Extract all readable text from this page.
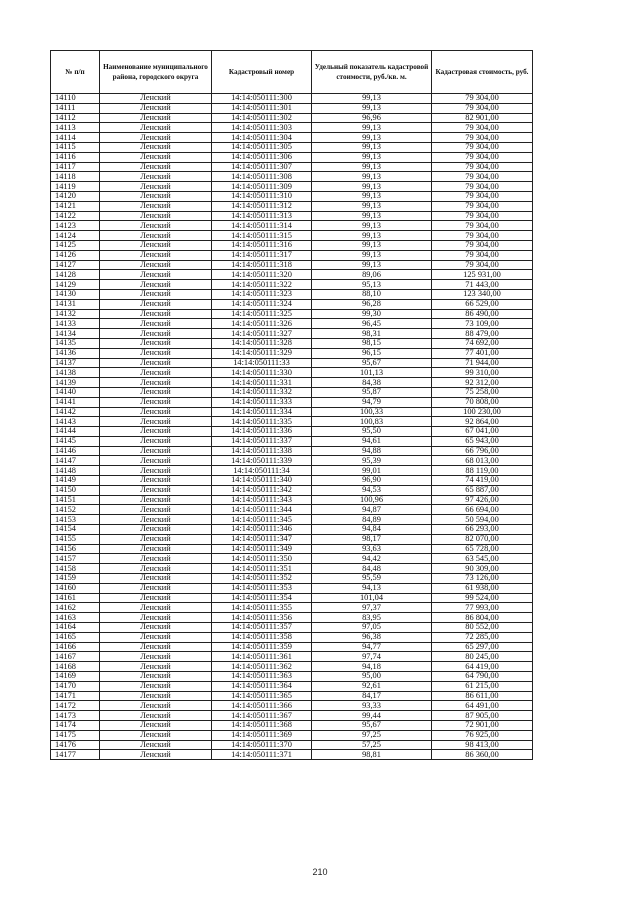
№ п/п	Наименование муниципального района, городского округа	Кадастровый номер	Удельный показатель кадастровой стоимости, руб./кв. м.	Кадастровая стоимость, руб.
14110	Ленский	14:14:050111:300	99,13	79 304,00
14111	Ленский	14:14:050111:301	99,13	79 304,00
14112	Ленский	14:14:050111:302	96,96	82 901,00
14113	Ленский	14:14:050111:303	99,13	79 304,00
14114	Ленский	14:14:050111:304	99,13	79 304,00
14115	Ленский	14:14:050111:305	99,13	79 304,00
14116	Ленский	14:14:050111:306	99,13	79 304,00
14117	Ленский	14:14:050111:307	99,13	79 304,00
14118	Ленский	14:14:050111:308	99,13	79 304,00
14119	Ленский	14:14:050111:309	99,13	79 304,00
14120	Ленский	14:14:050111:310	99,13	79 304,00
14121	Ленский	14:14:050111:312	99,13	79 304,00
14122	Ленский	14:14:050111:313	99,13	79 304,00
14123	Ленский	14:14:050111:314	99,13	79 304,00
14124	Ленский	14:14:050111:315	99,13	79 304,00
14125	Ленский	14:14:050111:316	99,13	79 304,00
14126	Ленский	14:14:050111:317	99,13	79 304,00
14127	Ленский	14:14:050111:318	99,13	79 304,00
14128	Ленский	14:14:050111:320	89,06	125 931,00
14129	Ленский	14:14:050111:322	95,13	71 443,00
14130	Ленский	14:14:050111:323	88,10	123 340,00
14131	Ленский	14:14:050111:324	96,28	66 529,00
14132	Ленский	14:14:050111:325	99,30	86 490,00
14133	Ленский	14:14:050111:326	96,45	73 109,00
14134	Ленский	14:14:050111:327	98,31	88 479,00
14135	Ленский	14:14:050111:328	98,15	74 692,00
14136	Ленский	14:14:050111:329	96,15	77 401,00
14137	Ленский	14:14:050111:33	95,67	71 944,00
14138	Ленский	14:14:050111:330	101,13	99 310,00
14139	Ленский	14:14:050111:331	84,38	92 312,00
14140	Ленский	14:14:050111:332	95,87	75 258,00
14141	Ленский	14:14:050111:333	94,79	70 808,00
14142	Ленский	14:14:050111:334	100,33	100 230,00
14143	Ленский	14:14:050111:335	100,83	92 864,00
14144	Ленский	14:14:050111:336	95,50	67 041,00
14145	Ленский	14:14:050111:337	94,61	65 943,00
14146	Ленский	14:14:050111:338	94,88	66 796,00
14147	Ленский	14:14:050111:339	95,39	68 013,00
14148	Ленский	14:14:050111:34	99,01	88 119,00
14149	Ленский	14:14:050111:340	96,90	74 419,00
14150	Ленский	14:14:050111:342	94,53	65 887,00
14151	Ленский	14:14:050111:343	100,96	97 426,00
14152	Ленский	14:14:050111:344	94,87	66 694,00
14153	Ленский	14:14:050111:345	84,89	50 594,00
14154	Ленский	14:14:050111:346	94,84	66 293,00
14155	Ленский	14:14:050111:347	98,17	82 070,00
14156	Ленский	14:14:050111:349	93,63	65 728,00
14157	Ленский	14:14:050111:350	94,42	63 545,00
14158	Ленский	14:14:050111:351	84,48	90 309,00
14159	Ленский	14:14:050111:352	95,59	73 126,00
14160	Ленский	14:14:050111:353	94,13	61 938,00
14161	Ленский	14:14:050111:354	101,04	99 524,00
14162	Ленский	14:14:050111:355	97,37	77 993,00
14163	Ленский	14:14:050111:356	83,95	86 804,00
14164	Ленский	14:14:050111:357	97,05	80 552,00
14165	Ленский	14:14:050111:358	96,38	72 285,00
14166	Ленский	14:14:050111:359	94,77	65 297,00
14167	Ленский	14:14:050111:361	97,74	80 245,00
14168	Ленский	14:14:050111:362	94,18	64 419,00
14169	Ленский	14:14:050111:363	95,00	64 790,00
14170	Ленский	14:14:050111:364	92,61	61 215,00
14171	Ленский	14:14:050111:365	84,17	86 611,00
14172	Ленский	14:14:050111:366	93,33	64 491,00
14173	Ленский	14:14:050111:367	99,44	87 905,00
14174	Ленский	14:14:050111:368	95,67	72 901,00
14175	Ленский	14:14:050111:369	97,25	76 925,00
14176	Ленский	14:14:050111:370	57,25	98 413,00
14177	Ленский	14:14:050111:371	98,81	86 360,00
210
